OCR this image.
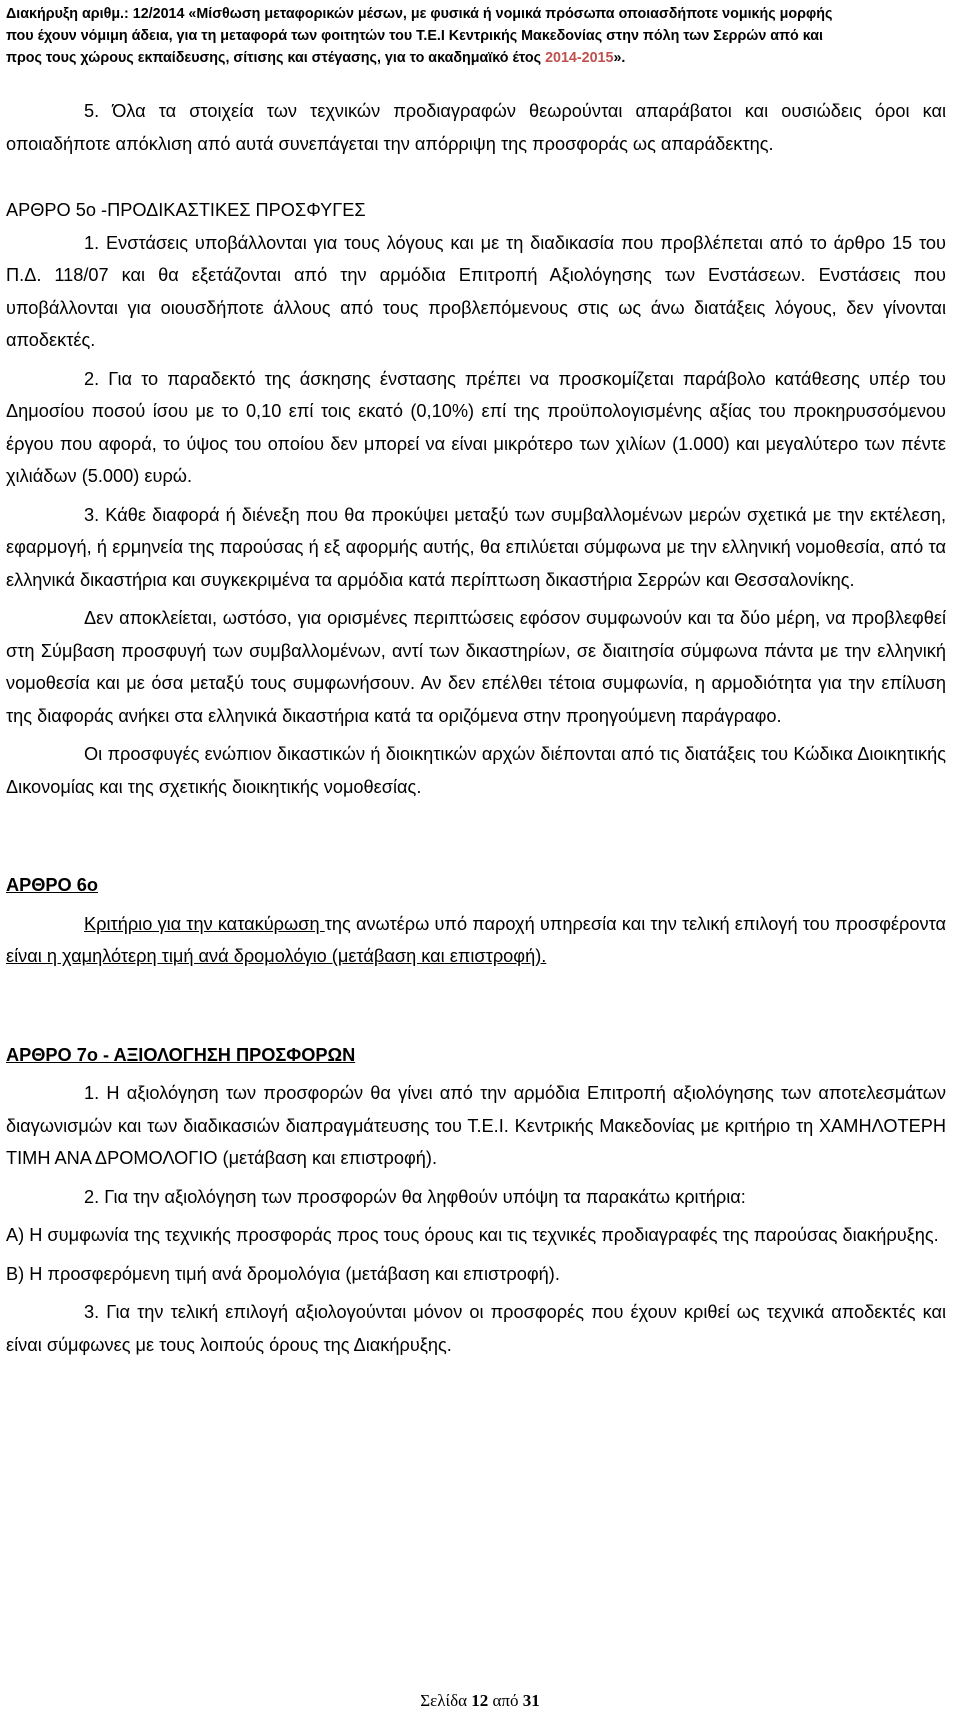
Διακήρυξη αριθμ.: 12/2014 «Μίσθωση μεταφορικών μέσων, με φυσικά ή νομικά πρόσωπα οποιασδήποτε νομικής μορφής
που έχουν νόμιμη άδεια, για τη μεταφορά των φοιτητών του Τ.Ε.Ι Κεντρικής Μακεδονίας στην πόλη των Σερρών από και
προς τους χώρους εκπαίδευσης, σίτισης και στέγασης, για το ακαδημαϊκό έτος 2014-2015».

5. Όλα τα στοιχεία των τεχνικών προδιαγραφών θεωρούνται απαράβατοι και ουσιώδεις όροι και οποιαδήποτε απόκλιση από αυτά συνεπάγεται την απόρριψη της προσφοράς ως απαράδεκτης.

ΑΡΘΡΟ 5ο -ΠΡΟΔΙΚΑΣΤΙΚΕΣ ΠΡΟΣΦΥΓΕΣ

1. Ενστάσεις υποβάλλονται για τους λόγους και με τη διαδικασία που προβλέπεται από το άρθρο 15 του Π.Δ. 118/07 και θα εξετάζονται από την αρμόδια Επιτροπή Αξιολόγησης των Ενστάσεων. Ενστάσεις που υποβάλλονται για οιουσδήποτε άλλους από τους προβλεπόμενους στις ως άνω διατάξεις λόγους, δεν γίνονται αποδεκτές.

2. Για το παραδεκτό της άσκησης ένστασης πρέπει να προσκομίζεται παράβολο κατάθεσης υπέρ του Δημοσίου ποσού ίσου με το 0,10 επί τοις εκατό (0,10%) επί της προϋπολογισμένης αξίας του προκηρυσσόμενου έργου που αφορά, το ύψος του οποίου δεν μπορεί να είναι μικρότερο των χιλίων (1.000) και μεγαλύτερο των πέντε χιλιάδων (5.000) ευρώ.

3. Κάθε διαφορά ή διένεξη που θα προκύψει μεταξύ των συμβαλλομένων μερών σχετικά με την εκτέλεση, εφαρμογή, ή ερμηνεία της παρούσας ή εξ αφορμής αυτής, θα επιλύεται σύμφωνα με την ελληνική νομοθεσία, από τα ελληνικά δικαστήρια και συγκεκριμένα τα αρμόδια κατά περίπτωση δικαστήρια Σερρών και Θεσσαλονίκης.

Δεν αποκλείεται, ωστόσο, για ορισμένες περιπτώσεις εφόσον συμφωνούν και τα δύο μέρη, να προβλεφθεί στη Σύμβαση προσφυγή των συμβαλλομένων, αντί των δικαστηρίων, σε διαιτησία σύμφωνα πάντα με την ελληνική νομοθεσία και με όσα μεταξύ τους συμφωνήσουν. Αν δεν επέλθει τέτοια συμφωνία, η αρμοδιότητα για την επίλυση της διαφοράς ανήκει στα ελληνικά δικαστήρια κατά τα οριζόμενα στην προηγούμενη παράγραφο.

Οι προσφυγές ενώπιον δικαστικών ή διοικητικών αρχών διέπονται από τις διατάξεις του Κώδικα Διοικητικής Δικονομίας και της σχετικής διοικητικής νομοθεσίας.

ΑΡΘΡΟ 6ο

Κριτήριο για την κατακύρωση της ανωτέρω υπό παροχή υπηρεσία και την τελική επιλογή του προσφέροντα είναι η χαμηλότερη τιμή ανά δρομολόγιο (μετάβαση και επιστροφή).

ΑΡΘΡΟ 7ο - ΑΞΙΟΛΟΓΗΣΗ ΠΡΟΣΦΟΡΩΝ

1. Η αξιολόγηση των προσφορών θα γίνει από την αρμόδια Επιτροπή αξιολόγησης των αποτελεσμάτων διαγωνισμών και των διαδικασιών διαπραγμάτευσης του Τ.Ε.Ι. Κεντρικής Μακεδονίας με κριτήριο τη ΧΑΜΗΛΟΤΕΡΗ ΤΙΜΗ ΑΝΑ ΔΡΟΜΟΛΟΓΙΟ (μετάβαση και επιστροφή).

2. Για την αξιολόγηση των προσφορών θα ληφθούν υπόψη τα παρακάτω κριτήρια:

Α) Η συμφωνία της τεχνικής προσφοράς προς τους όρους και τις τεχνικές προδιαγραφές της παρούσας διακήρυξης.

Β) Η προσφερόμενη τιμή ανά δρομολόγια (μετάβαση και επιστροφή).

3. Για την τελική επιλογή αξιολογούνται μόνον οι προσφορές που έχουν κριθεί ως τεχνικά αποδεκτές και είναι σύμφωνες με τους λοιπούς όρους της Διακήρυξης.

Σελίδα 12 από 31
